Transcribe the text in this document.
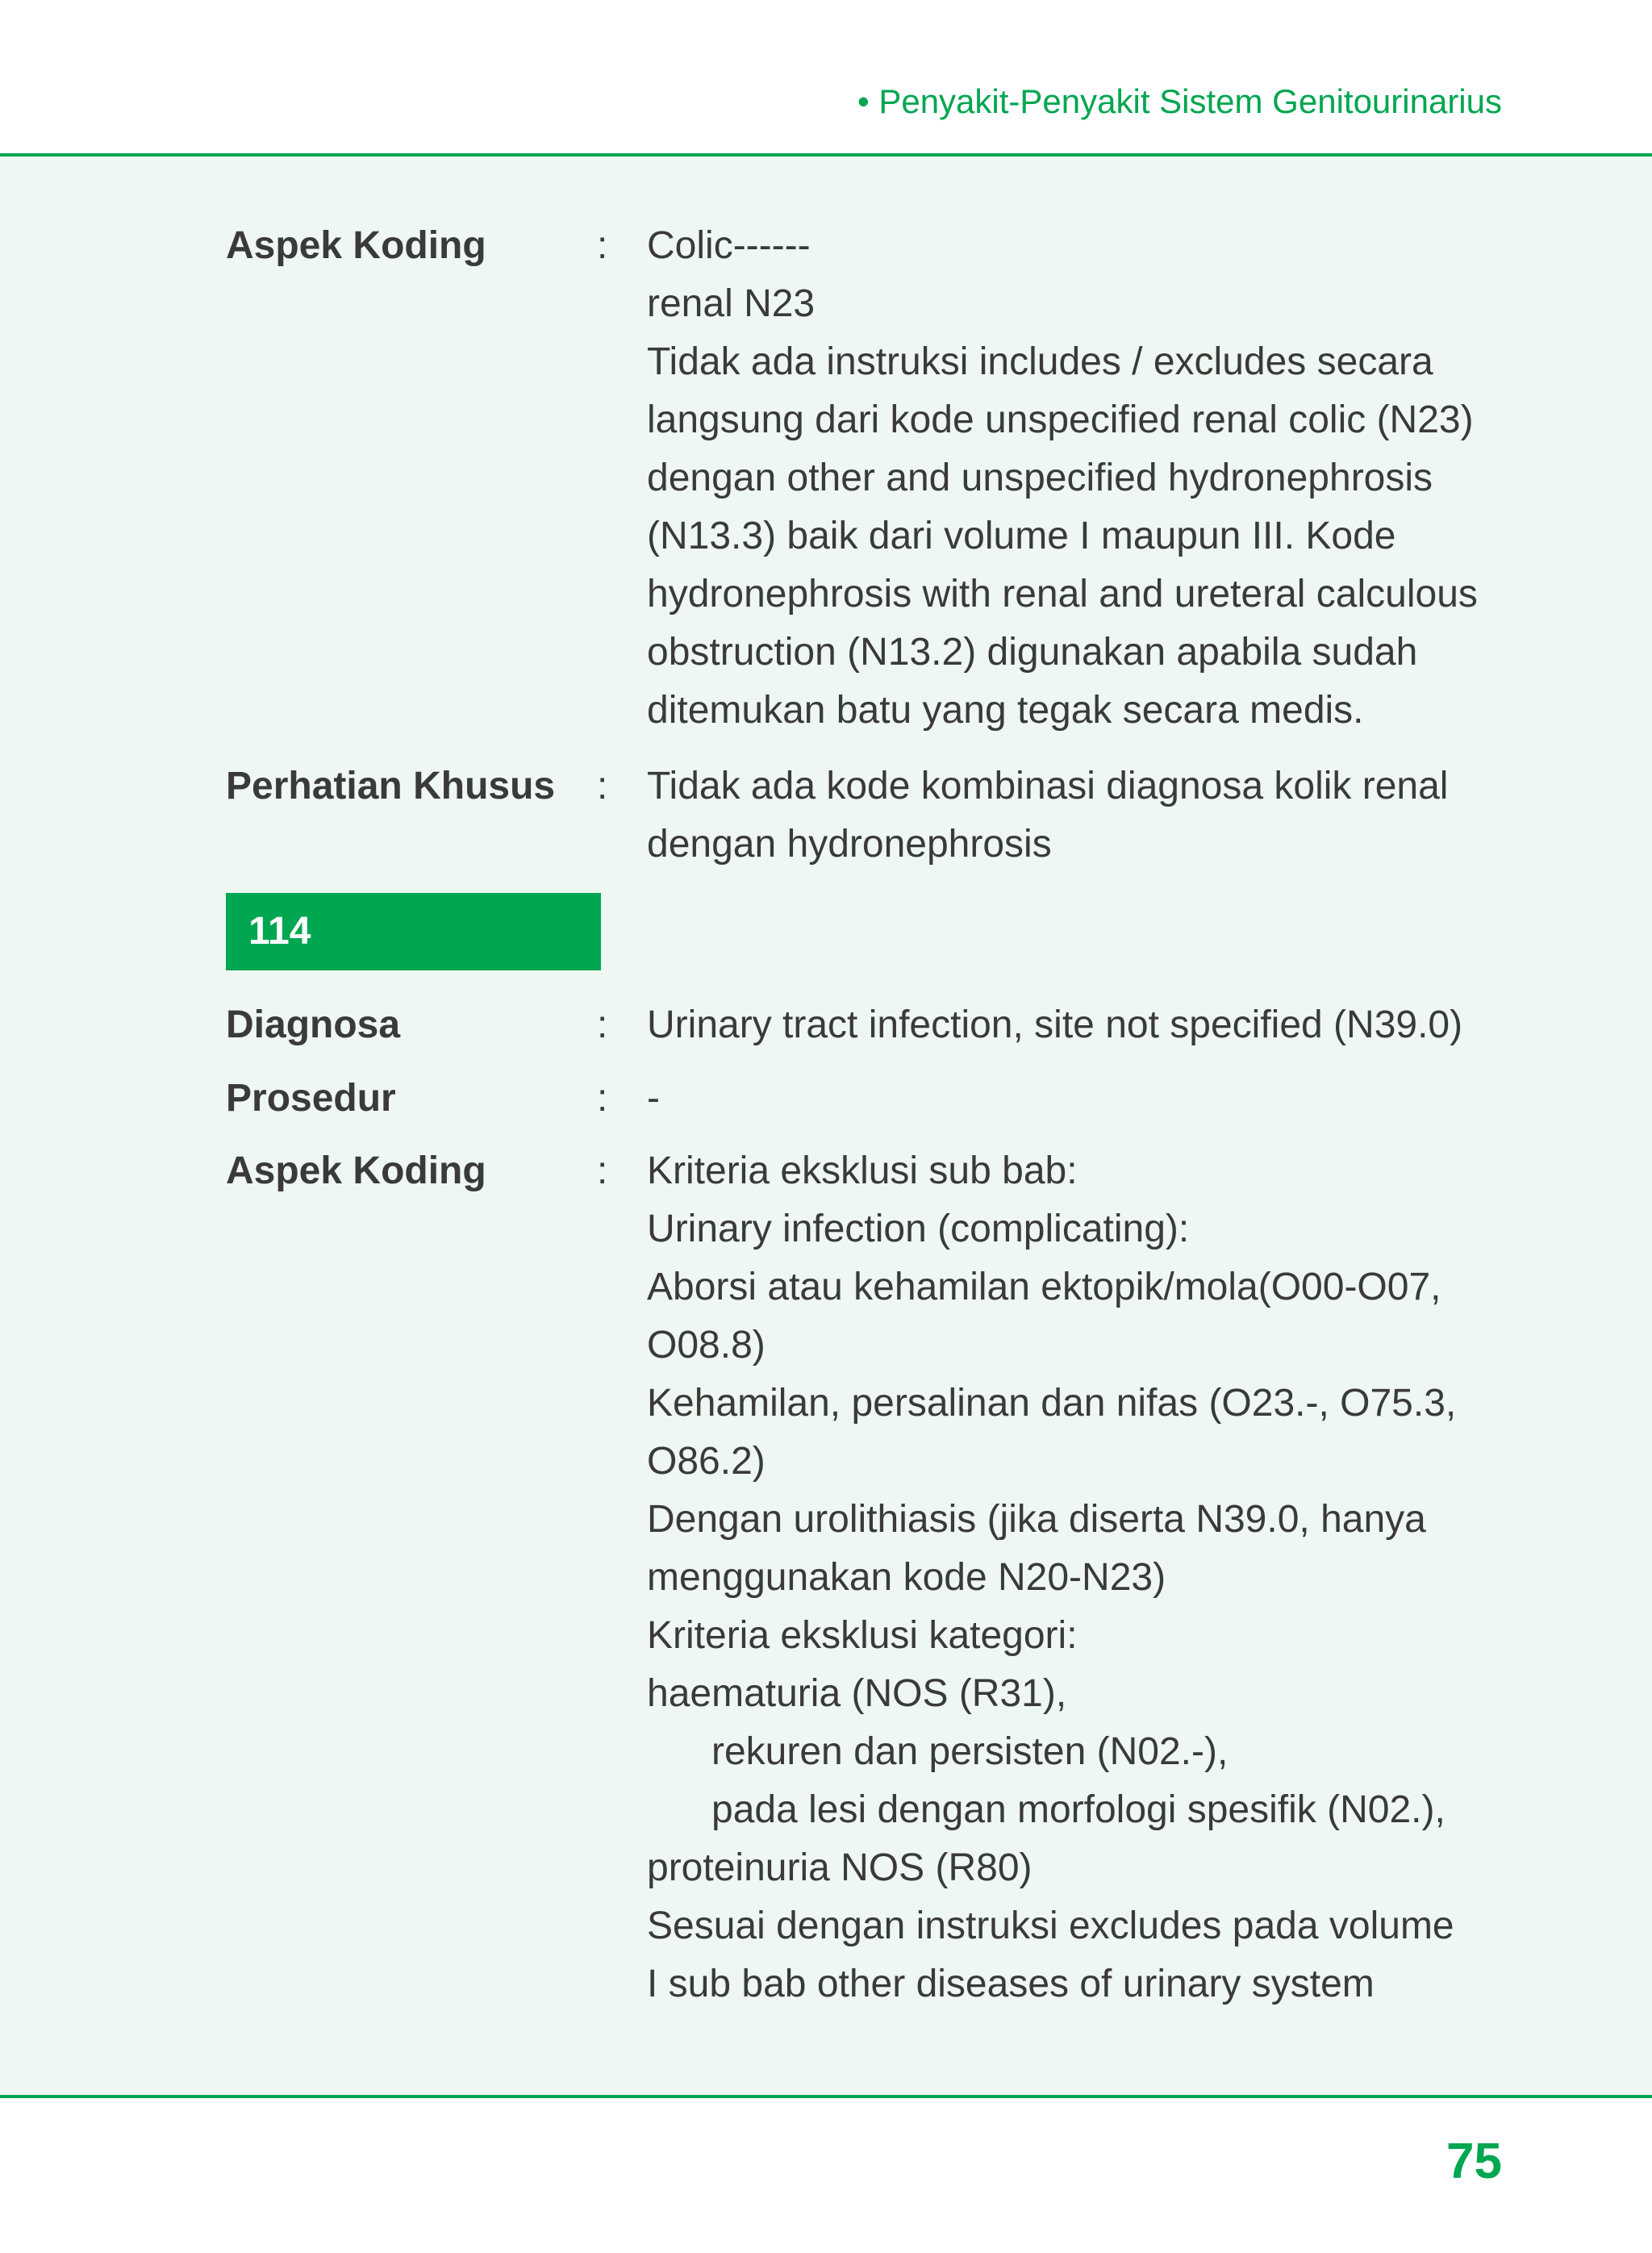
• Penyakit-Penyakit Sistem Genitourinarius
Aspek Koding	: Colic------
renal N23
Tidak ada instruksi includes / excludes secara
langsung dari kode unspecified renal colic (N23)
dengan other and unspecified hydronephrosis
(N13.3) baik dari volume I maupun III. Kode
hydronephrosis with renal and ureteral calculous
obstruction (N13.2) digunakan apabila sudah
ditemukan batu yang tegak secara medis.
Perhatian Khusus : Tidak ada kode kombinasi diagnosa kolik renal
dengan hydronephrosis
114
Diagnosa	: Urinary tract infection, site not specified (N39.0)
Prosedur	: -
Aspek Koding	: Kriteria eksklusi sub bab:
Urinary infection (complicating):
Aborsi atau kehamilan ektopik/mola(O00-O07,
O08.8)
Kehamilan, persalinan dan nifas (O23.-, O75.3,
O86.2)
Dengan urolithiasis (jika diserta N39.0, hanya
menggunakan kode N20-N23)
Kriteria eksklusi kategori:
haematuria (NOS (R31),
rekuren dan persisten (N02.-),
pada lesi dengan morfologi spesifik (N02.),
proteinuria NOS (R80)
Sesuai dengan instruksi excludes pada volume
I sub bab other diseases of urinary system
75
